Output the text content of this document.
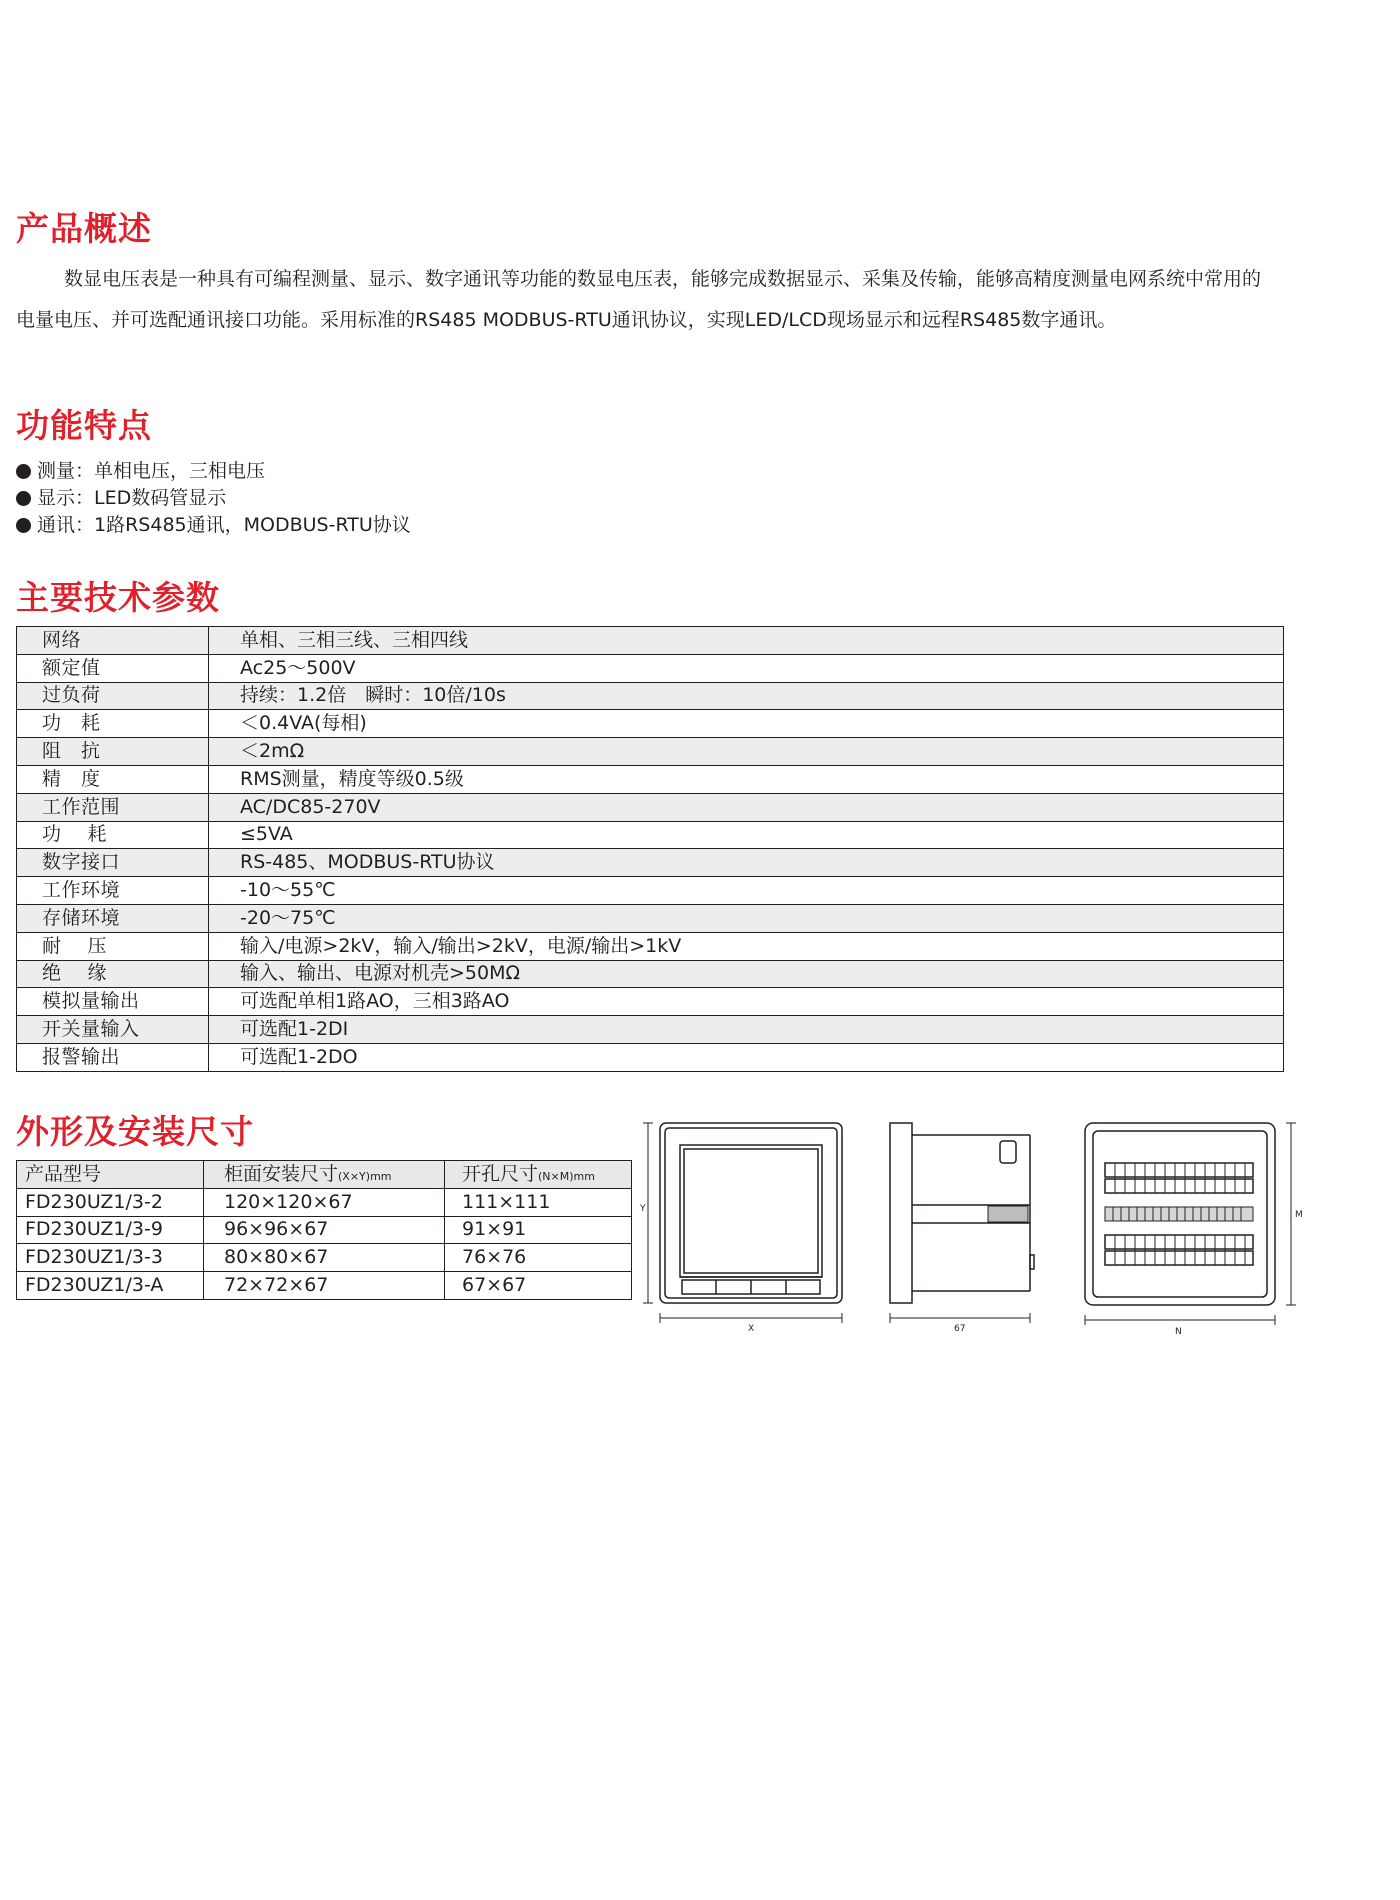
产品概述

数显电压表是一种具有可编程测量、显示、数字通讯等功能的数显电压表，能够完成数据显示、采集及传输，能够高精度测量电网系统中常用的电量电压、并可选配通讯接口功能。采用标准的RS485 MODBUS-RTU通讯协议，实现LED/LCD现场显示和远程RS485数字通讯。

功能特点
测量：单相电压，三相电压
显示：LED数码管显示
通讯：1路RS485通讯，MODBUS-RTU协议
主要技术参数
网络	单相、三相三线、三相四线
额定值	Ac25～500V
过负荷	持续：1.2倍　瞬时：10倍/10s
功　耗	＜0.4VA(每相)
阻　抗	＜2mΩ
精　度	RMS测量，精度等级0.5级
工作范围	AC/DC85-270V
功　 耗	≤5VA
数字接口	RS-485、MODBUS-RTU协议
工作环境	-10～55℃
存储环境	-20～75℃
耐　 压	输入/电源>2kV，输入/输出>2kV，电源/输出>1kV
绝　 缘	输入、输出、电源对机壳>50MΩ
模拟量输出	可选配单相1路AO，三相3路AO
开关量输入	可选配1-2DI
报警输出	可选配1-2DO
外形及安装尺寸
产品型号	柜面安装尺寸(X×Y)mm	开孔尺寸(N×M)mm
FD230UZ1/3-2	120×120×67	111×111
FD230UZ1/3-9	96×96×67	91×91
FD230UZ1/3-3	80×80×67	76×76
FD230UZ1/3-A	72×72×67	67×67
Y
X	67
M
N
